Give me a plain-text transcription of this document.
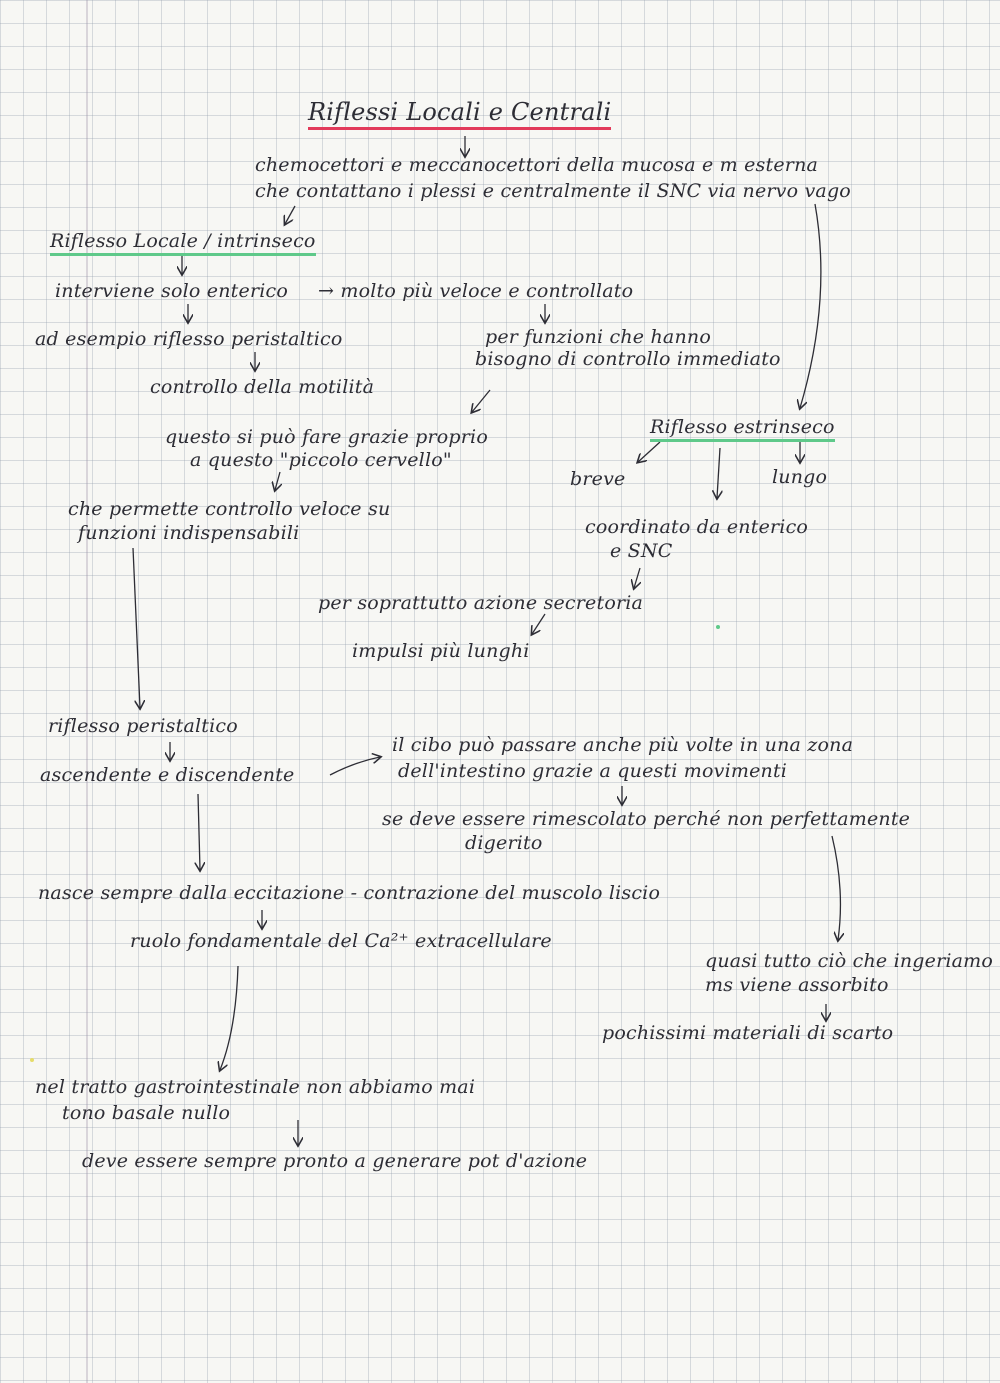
Riflessi Locali e Centrali
chemocettori e meccanocettori della mucosa e m esterna
che contattano i plessi e centralmente il SNC via nervo vago
Riflesso Locale / intrinseco
interviene solo enterico → molto più veloce e controllato
ad esempio riflesso peristaltico	per funzioni che hanno
bisogno di controllo immediato
controllo della motilità
questo si può fare grazie proprio
a questo "piccolo cervello"
che permette controllo veloce su
funzioni indispensabili
Riflesso estrinseco
breve	lungo
coordinato da enterico
e SNC
per soprattutto azione secretoria
impulsi più lunghi
riflesso peristaltico
ascendente e discendente
il cibo può passare anche più volte in una zona
dell'intestino grazie a questi movimenti
se deve essere rimescolato perché non perfettamente
digerito
nasce sempre dalla eccitazione - contrazione del muscolo liscio
ruolo fondamentale del Ca²⁺ extracellulare
quasi tutto ciò che ingeriamo
ms viene assorbito
pochissimi materiali di scarto
nel tratto gastrointestinale non abbiamo mai
tono basale nullo
deve essere sempre pronto a generare pot d'azione
